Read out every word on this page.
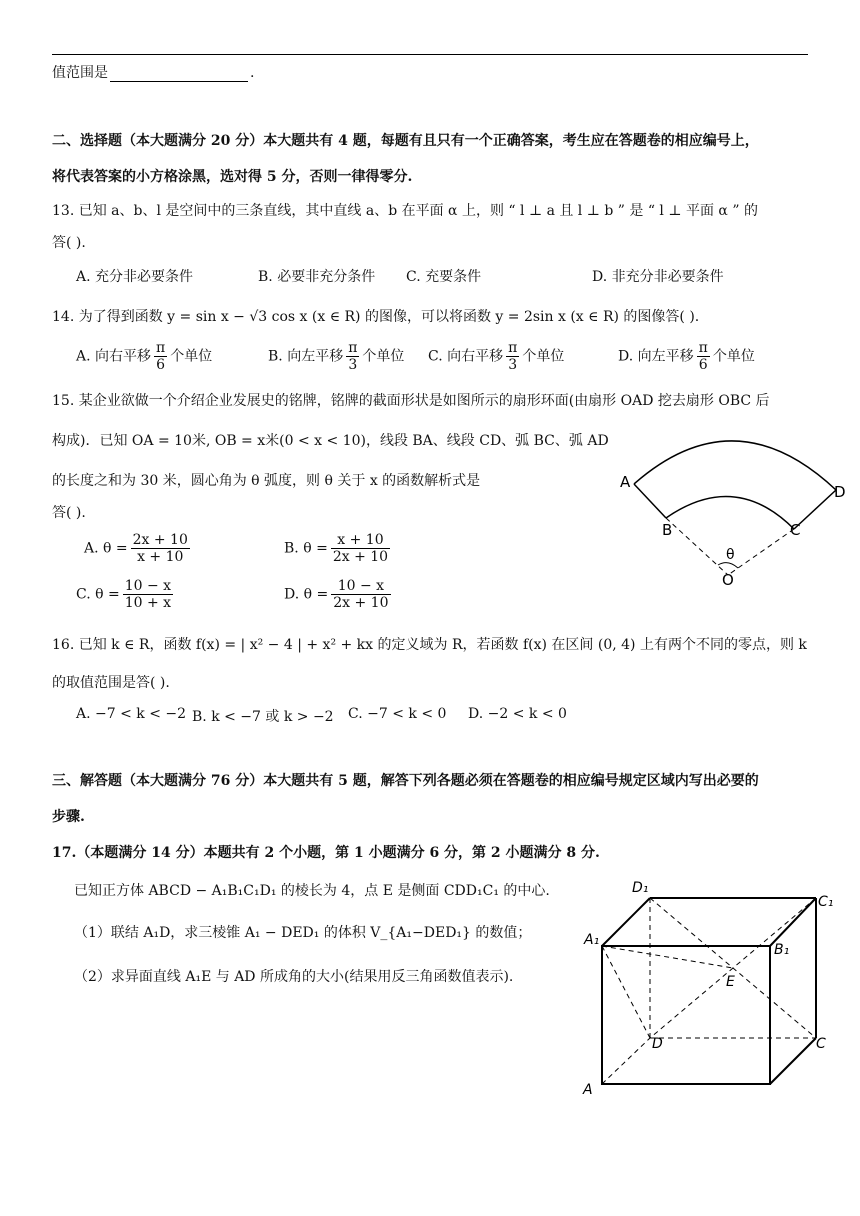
值范围是	.
二、选择题（本大题满分 20 分）本大题共有 4 题，每题有且只有一个正确答案，考生应在答题卷的相应编号上，
将代表答案的小方格涂黑，选对得 5 分，否则一律得零分.
13. 已知 a、b、l 是空间中的三条直线，其中直线 a、b 在平面 α 上，则 “ l ⊥ a 且 l ⊥ b ” 是 “ l ⊥ 平面 α ” 的
答( ).
A. 充分非必要条件	B. 必要非充分条件 C. 充要条件	D. 非充分非必要条件
14. 为了得到函数 y = sin x − √3 cos x (x ∈ R) 的图像，可以将函数 y = 2sin x (x ∈ R) 的图像答( ).
A. 向右平移 $\frac{\pi}{6}$ 个单位	B. 向左平移 $\frac{\pi}{3}$ 个单位 C. 向右平移 $\frac{\pi}{3}$ 个单位	D. 向左平移 $\frac{\pi}{6}$ 个单位
15. 某企业欲做一个介绍企业发展史的铭牌，铭牌的截面形状是如图所示的扇形环面(由扇形 OAD 挖去扇形 OBC 后
构成)．已知 OA = 10米, OB = x米(0 < x < 10)，线段 BA、线段 CD、弧 BC、弧 AD
的长度之和为 30 米，圆心角为 θ 弧度，则 θ 关于 x 的函数解析式是
答( ).
A. $\theta = \frac{2x + 10}{x + 10}$	B. $\theta = \frac{x + 10}{2x + 10}$
C. $\theta = \frac{10 - x}{10 + x}$	D. $\theta = \frac{10 - x}{2x + 10}$
A
B	C
D
O
θ
16. 已知 k ∈ R，函数 f(x) = | x² − 4 | + x² + kx 的定义域为 R，若函数 f(x) 在区间 (0, 4) 上有两个不同的零点，则 k
的取值范围是答( ).
A. −7 < k < −2 B. k < −7 或 k > −2 C. −7 < k < 0 D. −2 < k < 0
三、解答题（本大题满分 76 分）本大题共有 5 题，解答下列各题必须在答题卷的相应编号规定区域内写出必要的
步骤.
17.（本题满分 14 分）本题共有 2 个小题，第 1 小题满分 6 分，第 2 小题满分 8 分.
已知正方体 ABCD − A₁B₁C₁D₁ 的棱长为 4，点 E 是侧面 CDD₁C₁ 的中心.
（1）联结 A₁D，求三棱锥 A₁ − DED₁ 的体积 V_{A₁−DED₁} 的数值；
（2）求异面直线 A₁E 与 AD 所成角的大小(结果用反三角函数值表示).
A
A₁
B₁
C
C₁
D
D₁
E
